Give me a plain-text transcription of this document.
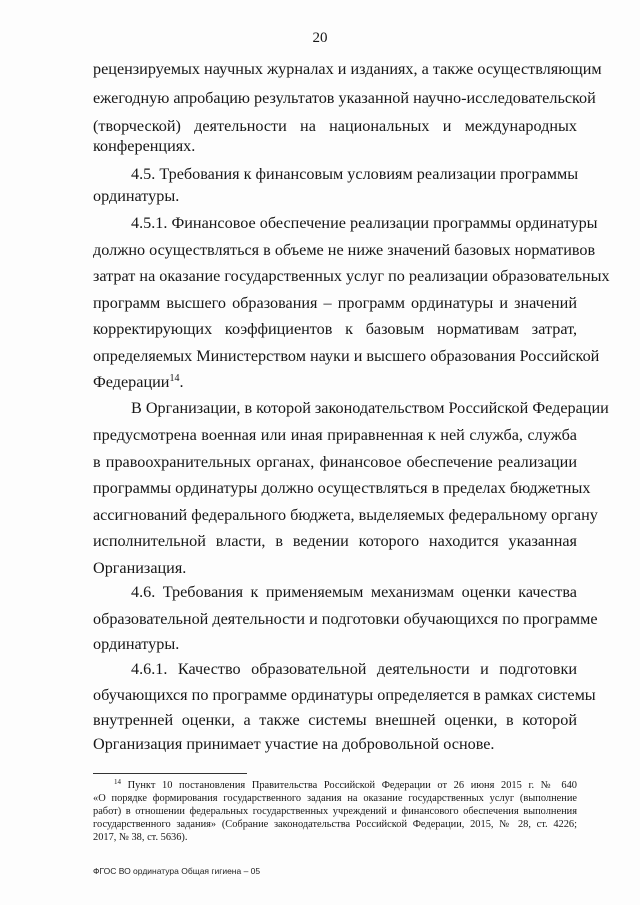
20
рецензируемых научных журналах и изданиях, а также осуществляющим
ежегодную апробацию результатов указанной научно-исследовательской
(творческой) деятельности на национальных и международных
конференциях.
4.5. Требования к финансовым условиям реализации программы
ординатуры.
4.5.1. Финансовое обеспечение реализации программы ординатуры
должно осуществляться в объеме не ниже значений базовых нормативов
затрат на оказание государственных услуг по реализации образовательных
программ высшего образования – программ ординатуры и значений
корректирующих коэффициентов к базовым нормативам затрат,
определяемых Министерством науки и высшего образования Российской
Федерации$^{14}$.
В Организации, в которой законодательством Российской Федерации
предусмотрена военная или иная приравненная к ней служба, служба
в правоохранительных органах, финансовое обеспечение реализации
программы ординатуры должно осуществляться в пределах бюджетных
ассигнований федерального бюджета, выделяемых федеральному органу
исполнительной власти, в ведении которого находится указанная
Организация.
4.6. Требования к применяемым механизмам оценки качества
образовательной деятельности и подготовки обучающихся по программе
ординатуры.
4.6.1. Качество образовательной деятельности и подготовки
обучающихся по программе ординатуры определяется в рамках системы
внутренней оценки, а также системы внешней оценки, в которой
Организация принимает участие на добровольной основе.
$^{14}$ Пункт 10 постановления Правительства Российской Федерации от 26 июня 2015 г. № 640
«О порядке формирования государственного задания на оказание государственных услуг (выполнение
работ) в отношении федеральных государственных учреждений и финансового обеспечения выполнения
государственного задания» (Собрание законодательства Российской Федерации, 2015, № 28, ст. 4226;
2017, № 38, ст. 5636).
ФГОС ВО ординатура Общая гигиена – 05
